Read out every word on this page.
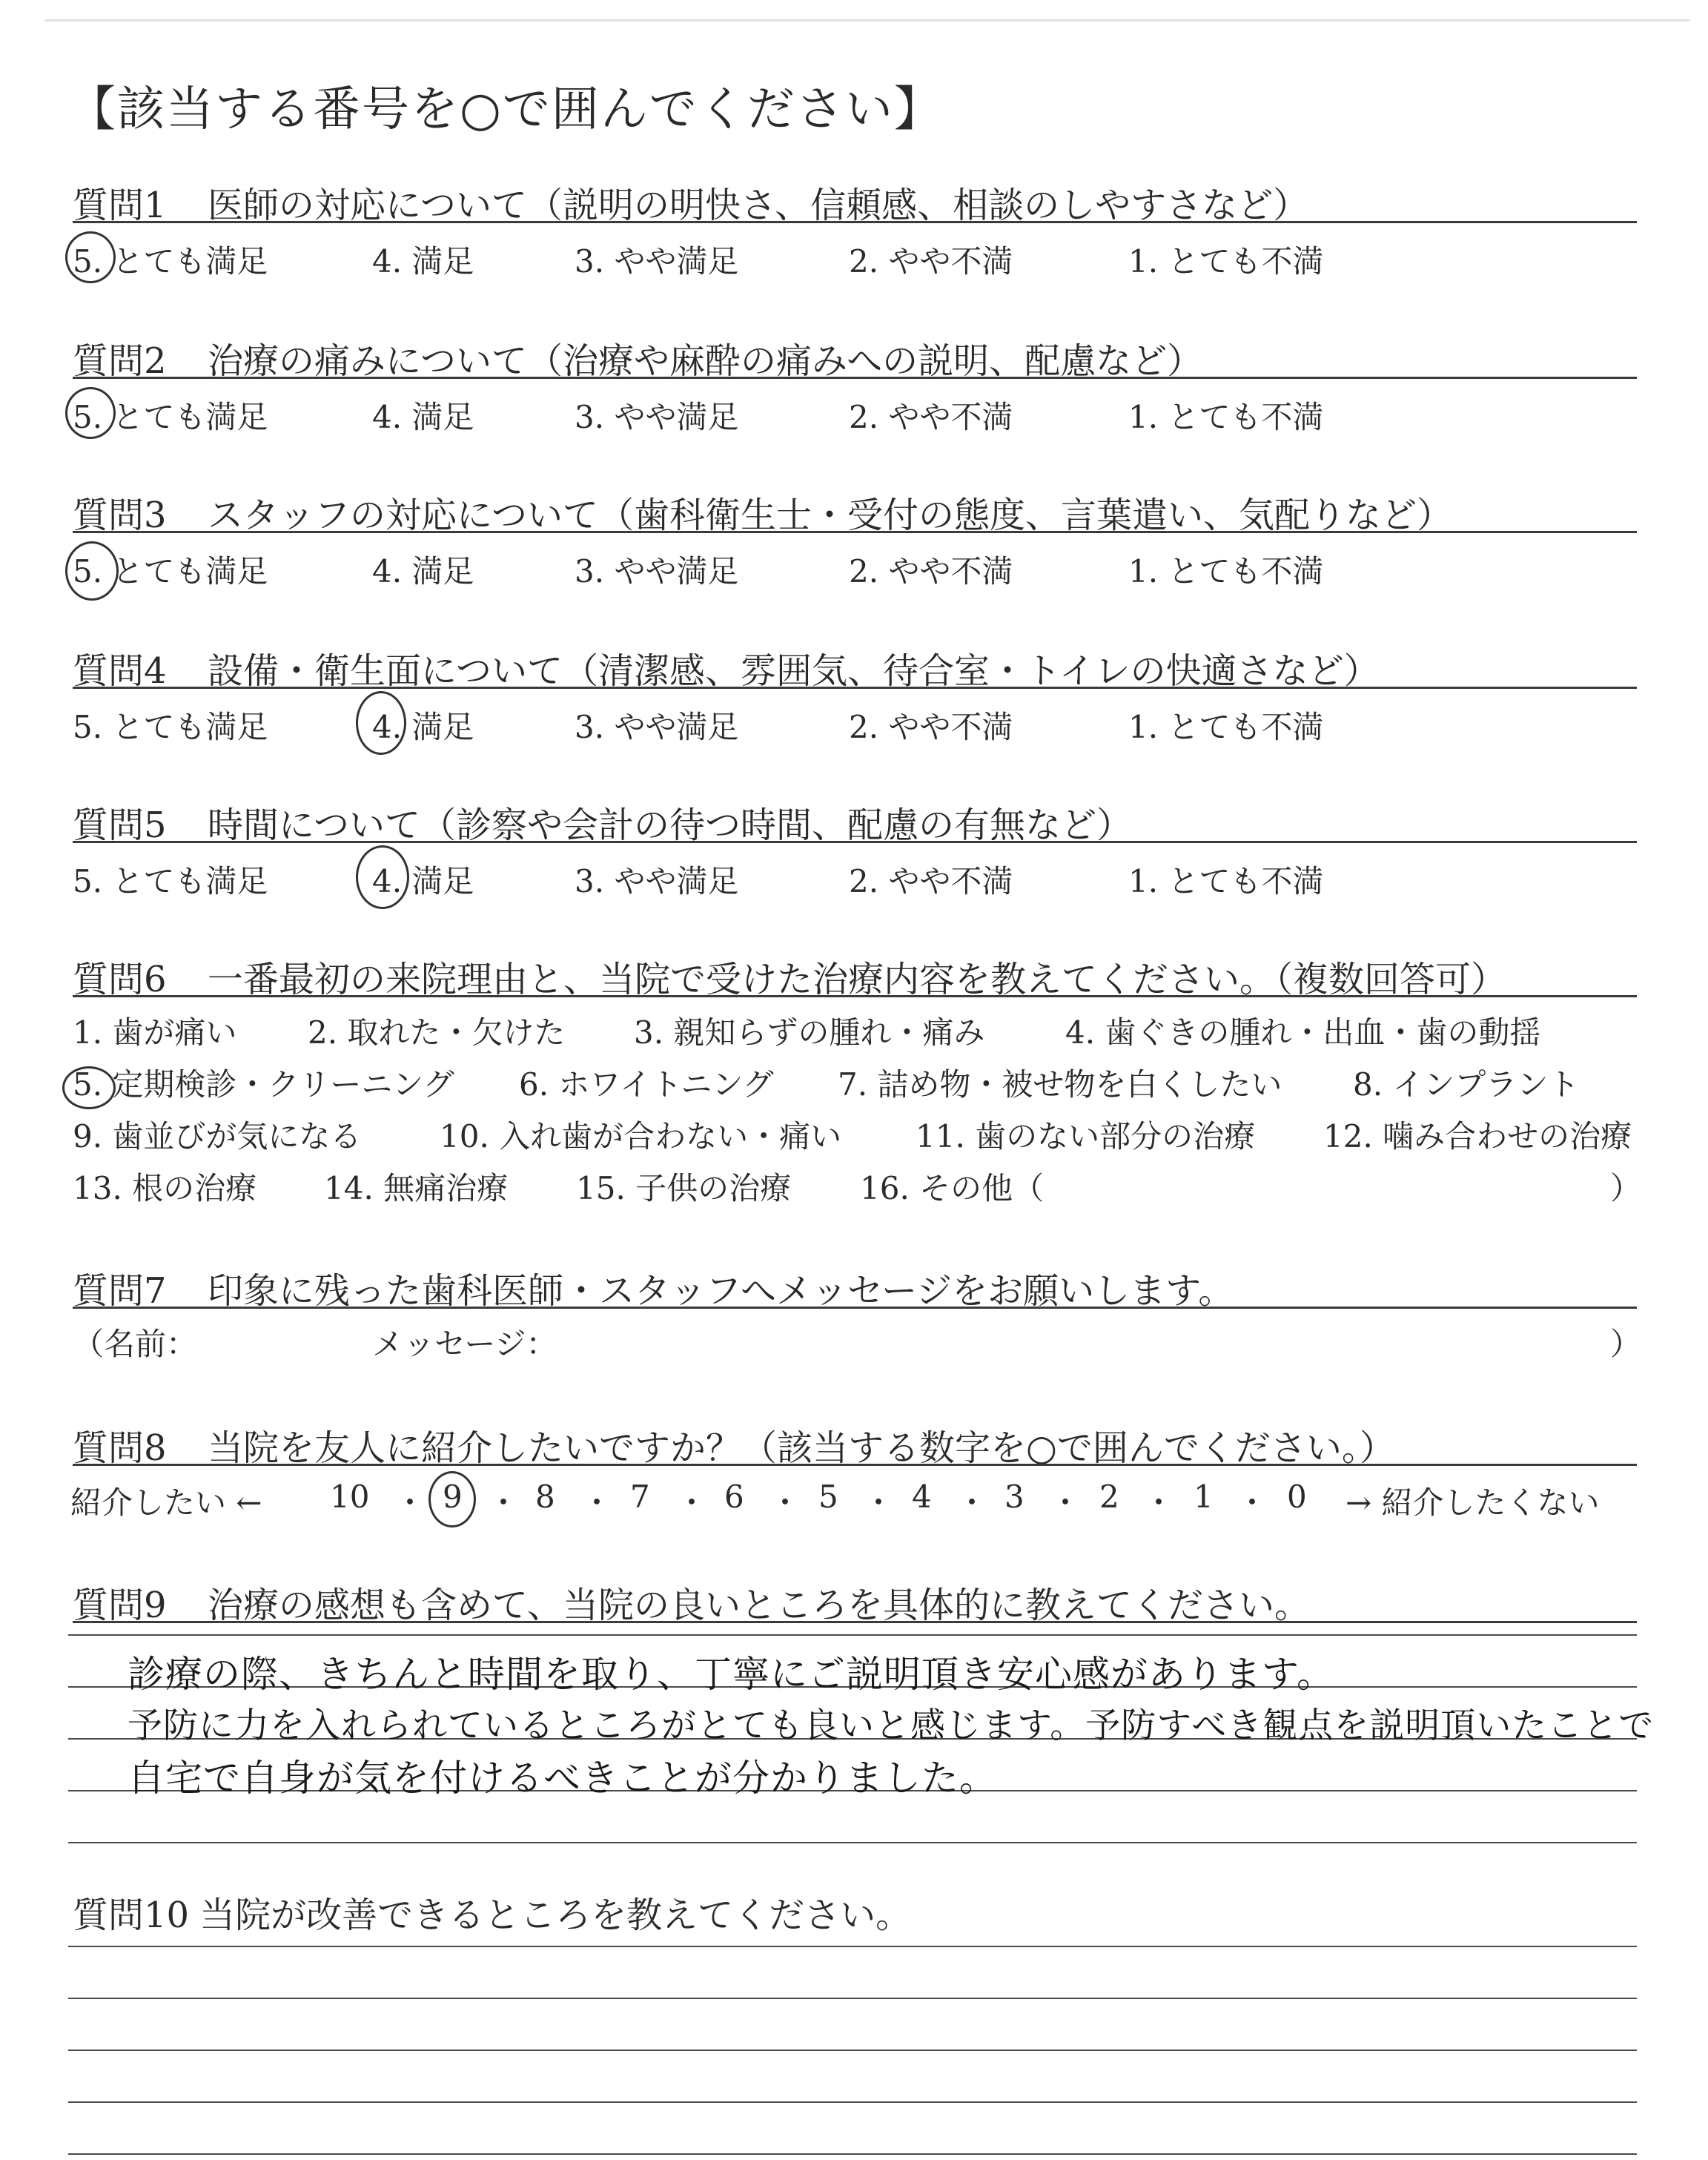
【該当する番号を○で囲んでください】
質問1 医師の対応について（説明の明快さ、信頼感、相談のしやすさなど）
5. とても満足	4. 満足	3. やや満足	2. やや不満	1. とても不満
質問2 治療の痛みについて（治療や麻酔の痛みへの説明、配慮など）
5. とても満足	4. 満足	3. やや満足	2. やや不満	1. とても不満
質問3 スタッフの対応について（歯科衛生士・受付の態度、言葉遣い、気配りなど）
5. とても満足	4. 満足	3. やや満足	2. やや不満	1. とても不満
質問4 設備・衛生面について（清潔感、雰囲気、待合室・トイレの快適さなど）
5. とても満足	4. 満足	3. やや満足	2. やや不満	1. とても不満
質問5 時間について（診察や会計の待つ時間、配慮の有無など）
5. とても満足	4. 満足	3. やや満足	2. やや不満	1. とても不満
質問6 一番最初の来院理由と、当院で受けた治療内容を教えてください。（複数回答可）
1. 歯が痛い 2. 取れた・欠けた 3. 親知らずの腫れ・痛み	4. 歯ぐきの腫れ・出血・歯の動揺
5. 定期検診・クリーニング 6. ホワイトニング 7. 詰め物・被せ物を白くしたい 8. インプラント
9. 歯並びが気になる	10. 入れ歯が合わない・痛い 11. 歯のない部分の治療 12. 噛み合わせの治療
13. 根の治療 14. 無痛治療 15. 子供の治療 16. その他（	）
質問7 印象に残った歯科医師・スタッフへメッセージをお願いします。
（名前：	メッセージ：	）
質問8 当院を友人に紹介したいですか？（該当する数字を○で囲んでください。）
紹介したい ← 10 ・ 9 ・ 8 ・ 7 ・ 6 ・ 5 ・ 4 ・ 3 ・ 2 ・ 1 ・ 0 → 紹介したくない
質問9 治療の感想も含めて、当院の良いところを具体的に教えてください。
診療の際、きちんと時間を取り、丁寧にご説明頂き安心感があります。
予防に力を入れられているところがとても良いと感じます。予防すべき観点を説明頂いたことで
自宅で自身が気を付けるべきことが分かりました。
質問10 当院が改善できるところを教えてください。
